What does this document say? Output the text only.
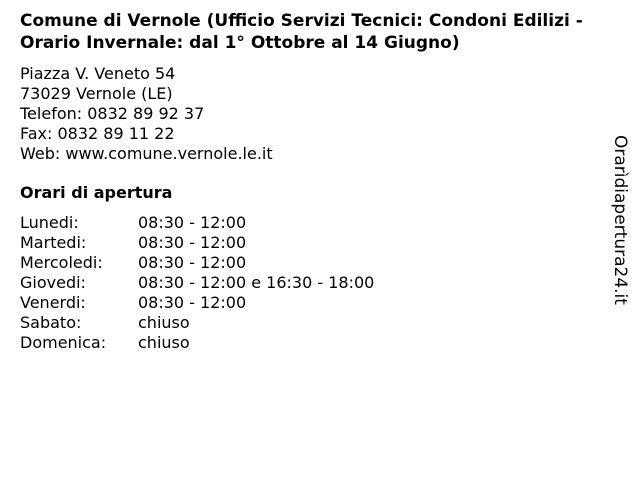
Comune di Vernole (Ufficio Servizi Tecnici: Condoni Edilizi - Orario Invernale: dal 1° Ottobre al 14 Giugno)
Piazza V. Veneto 54
73029 Vernole (LE)
Telefon: 0832 89 92 37
Fax: 0832 89 11 22
Web: www.comune.vernole.le.it
Orari di apertura
Lunedi:	08:30 - 12:00
Martedi:	08:30 - 12:00
Mercoledi:	08:30 - 12:00
Giovedi:	08:30 - 12:00 e 16:30 - 18:00
Venerdi:	08:30 - 12:00
Sabato:	chiuso
Domenica:	chiuso
Orarìdiapertura24.it
